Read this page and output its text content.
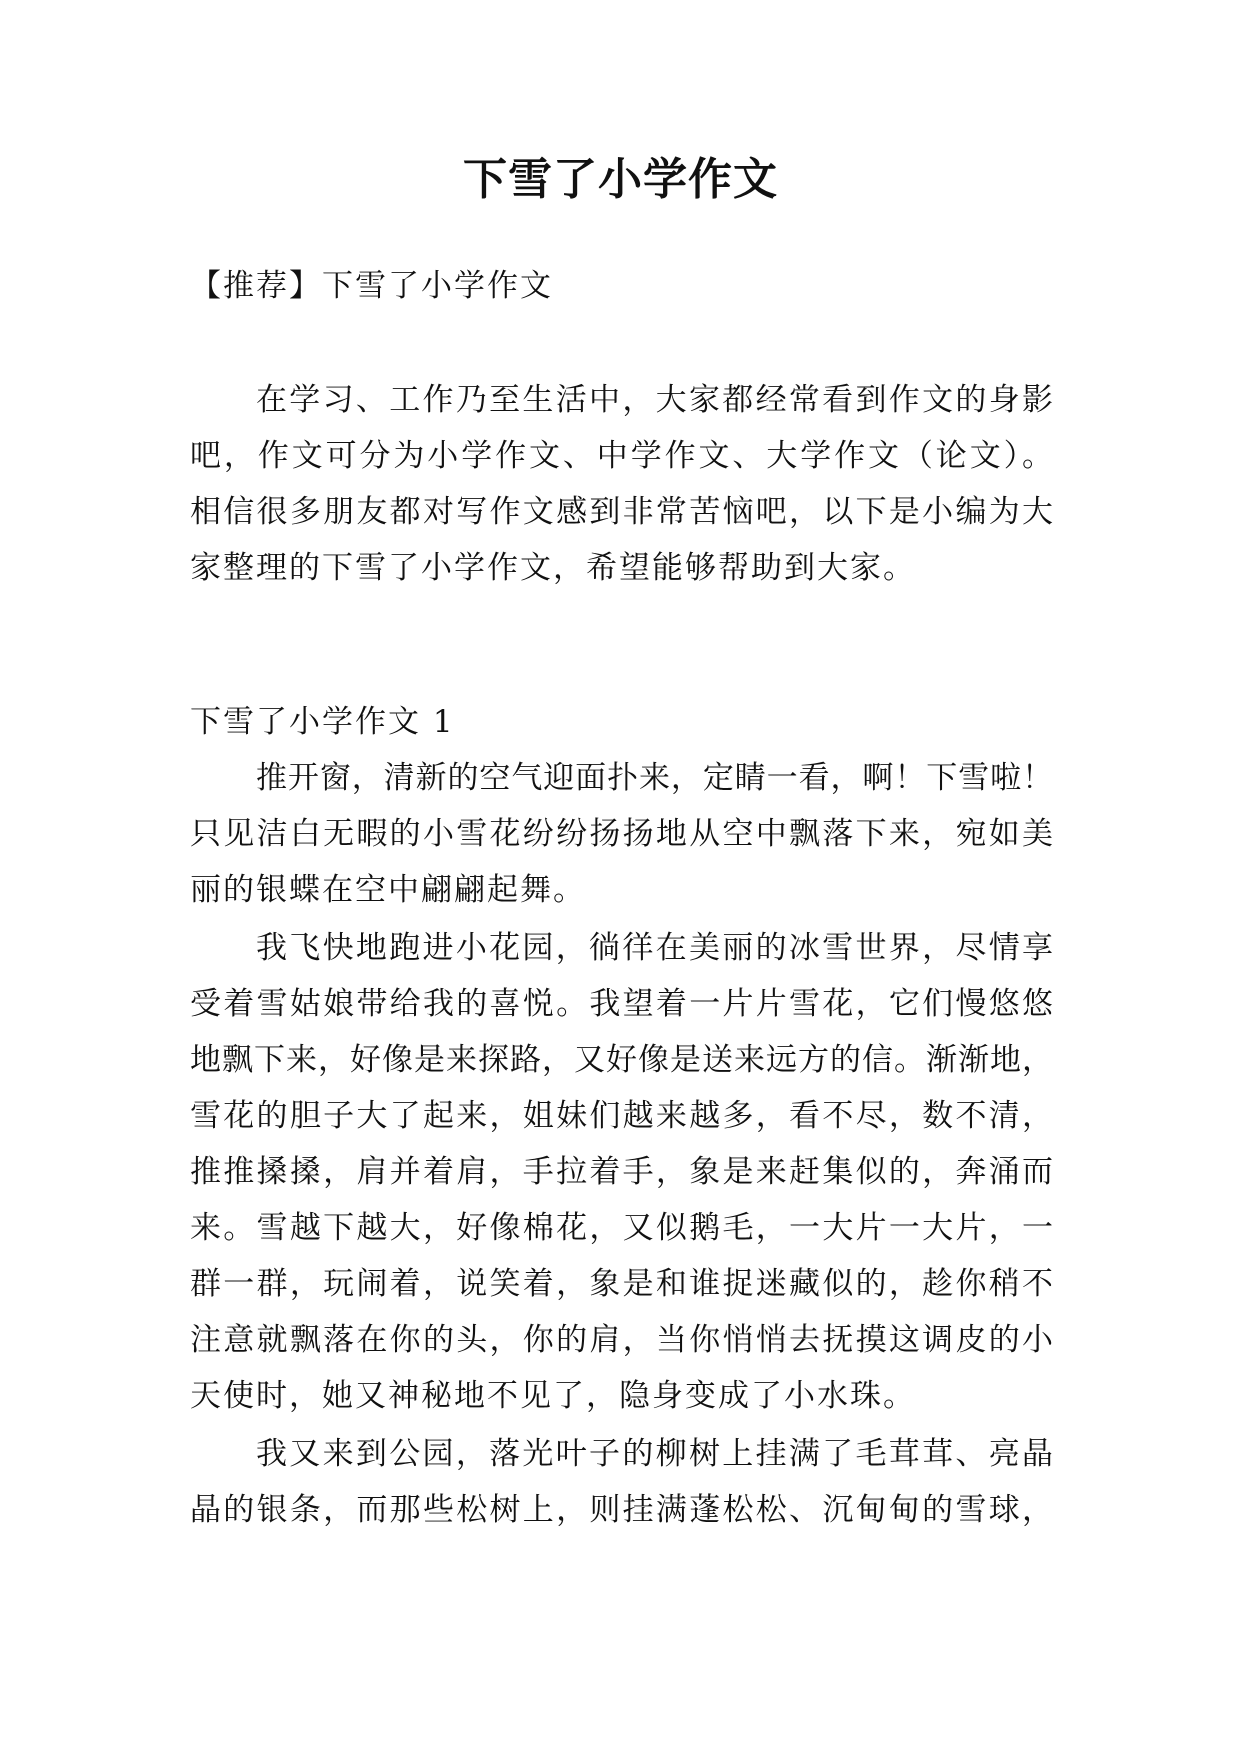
下雪了小学作文

【推荐】下雪了小学作文

在学习、工作乃至生活中，大家都经常看到作文的身影

吧，作文可分为小学作文、中学作文、大学作文（论文）。

相信很多朋友都对写作文感到非常苦恼吧，以下是小编为大

家整理的下雪了小学作文，希望能够帮助到大家。

下雪了小学作文 1

推开窗，清新的空气迎面扑来，定睛一看，啊！下雪啦！

只见洁白无暇的小雪花纷纷扬扬地从空中飘落下来，宛如美

丽的银蝶在空中翩翩起舞。

我飞快地跑进小花园，徜徉在美丽的冰雪世界，尽情享

受着雪姑娘带给我的喜悦。我望着一片片雪花，它们慢悠悠

地飘下来，好像是来探路，又好像是送来远方的信。渐渐地，

雪花的胆子大了起来，姐妹们越来越多，看不尽，数不清，

推推搡搡，肩并着肩，手拉着手，象是来赶集似的，奔涌而

来。雪越下越大，好像棉花，又似鹅毛，一大片一大片，一

群一群，玩闹着，说笑着，象是和谁捉迷藏似的，趁你稍不

注意就飘落在你的头，你的肩，当你悄悄去抚摸这调皮的小

天使时，她又神秘地不见了，隐身变成了小水珠。

我又来到公园，落光叶子的柳树上挂满了毛茸茸、亮晶

晶的银条，而那些松树上，则挂满蓬松松、沉甸甸的雪球，
